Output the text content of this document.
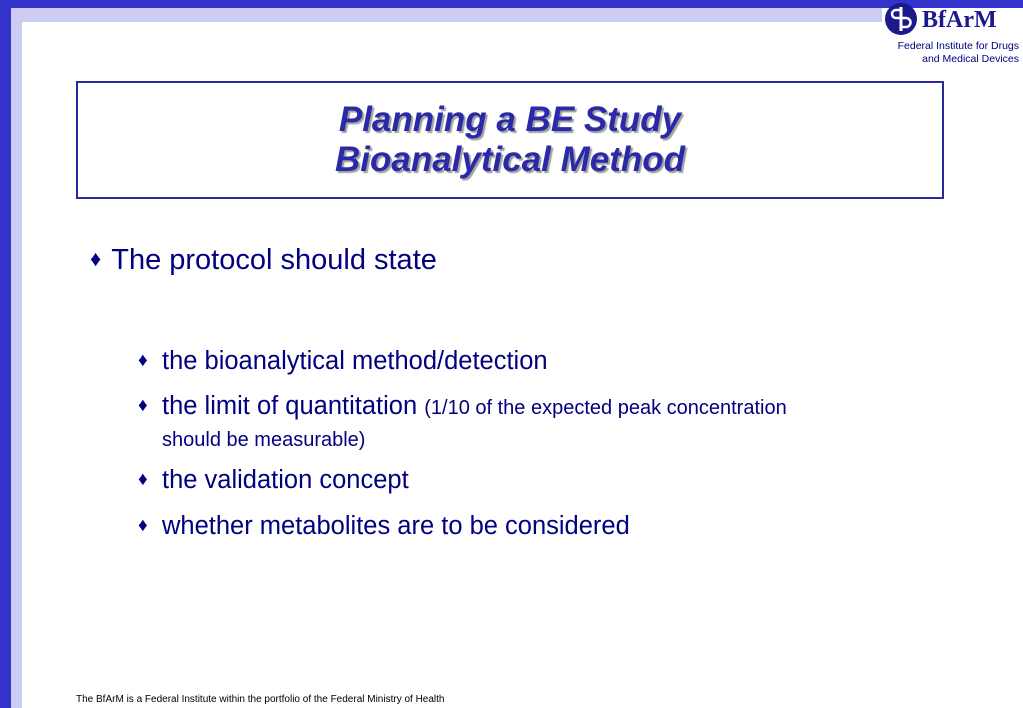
BfArM
Federal Institute for Drugs
and Medical Devices
Planning a BE Study
Bioanalytical Method
♦ The protocol should state
♦ the bioanalytical method/detection
♦ the limit of quantitation (1/10 of the expected peak concentration should be measurable)
♦ the validation concept
♦ whether metabolites are to be considered
The BfArM is a Federal Institute within the portfolio of the Federal Ministry of Health
